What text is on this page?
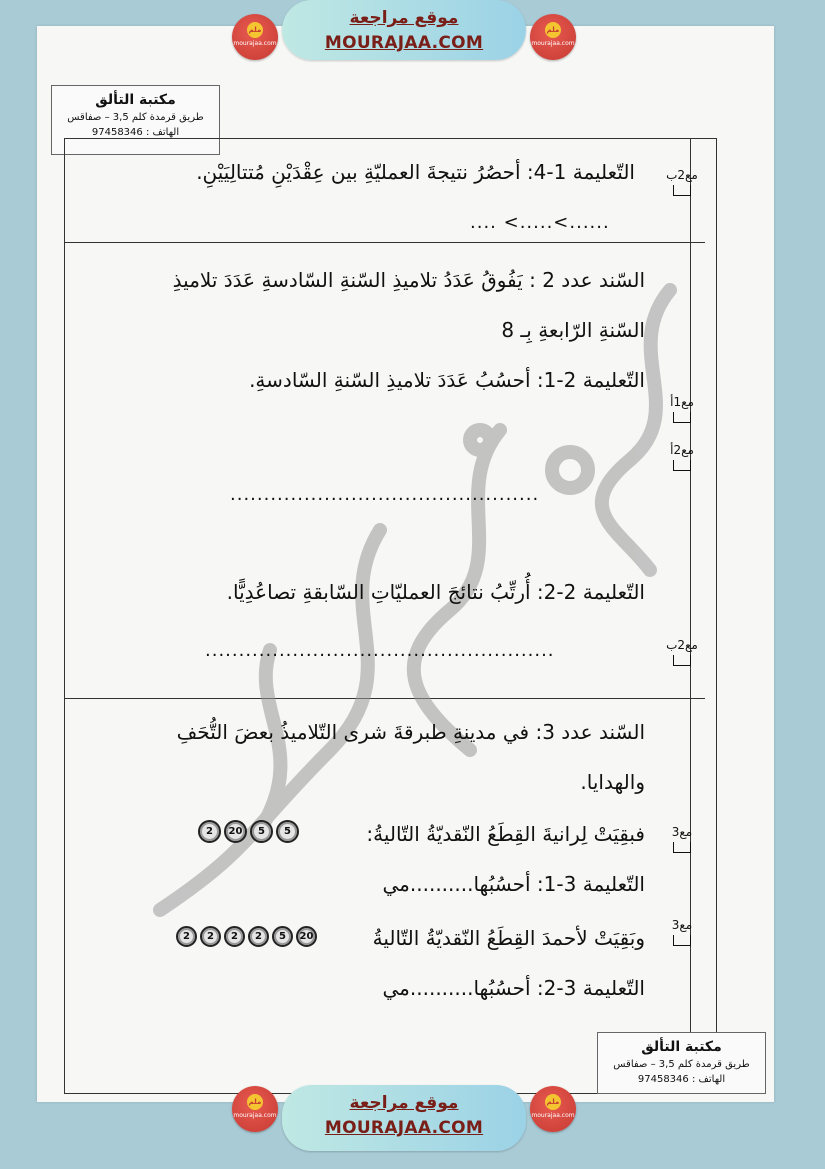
ﻣﻠﻢ
mourajaa.com
موقع مراجعة
MOURAJAA.COM
ﻣﻠﻢ
mourajaa.com
مكتبة التألق
طريق قرمدة كلم 3,5 – صفاقس
الهاتف : 97458346
التّعليمة 1-4: أحصُرُ نتيجةَ العمليّةِ بين عِقْدَيْنِ مُتتالِيَيْنِ.
.... <.....<......
مع2ب
السّند عدد 2 : يَفُوقُ عَدَدُ تلاميذِ السّنةِ السّادسةِ عَدَدَ تلاميذِ
السّنةِ الرّابعةِ بِـ 8
التّعليمة 2-1: أحسُبُ عَدَدَ تلاميذِ السّنةِ السّادسةِ.
مع1أ
مع2أ
..............................................
التّعليمة 2-2: أُرتِّبُ نتائجَ العمليّاتِ السّابقةِ تصاعُدِيًّا.
....................................................	مع2ب
السّند عدد 3: في مدينةِ طبرقةَ شرى التّلاميذُ بعضَ التُّحَفِ
والهدايا.
فبقِيَتْ لِرانيةَ القِطَعُ النّقديّةُ التّاليةُ:
2	20	5	5	مع3
التّعليمة 3-1: أحسُبُها..........مي
وبَقِيَتْ لأحمدَ القِطَعُ النّقديّةُ التّاليةُ
2	2	2	2	5	20
مع3
التّعليمة 3-2: أحسُبُها..........مي
مكتبة التألق
طريق قرمدة كلم 3,5 – صفاقس
الهاتف : 97458346
ﻣﻠﻢ
mourajaa.com
موقع مراجعة
MOURAJAA.COM
ﻣﻠﻢ
mourajaa.com
